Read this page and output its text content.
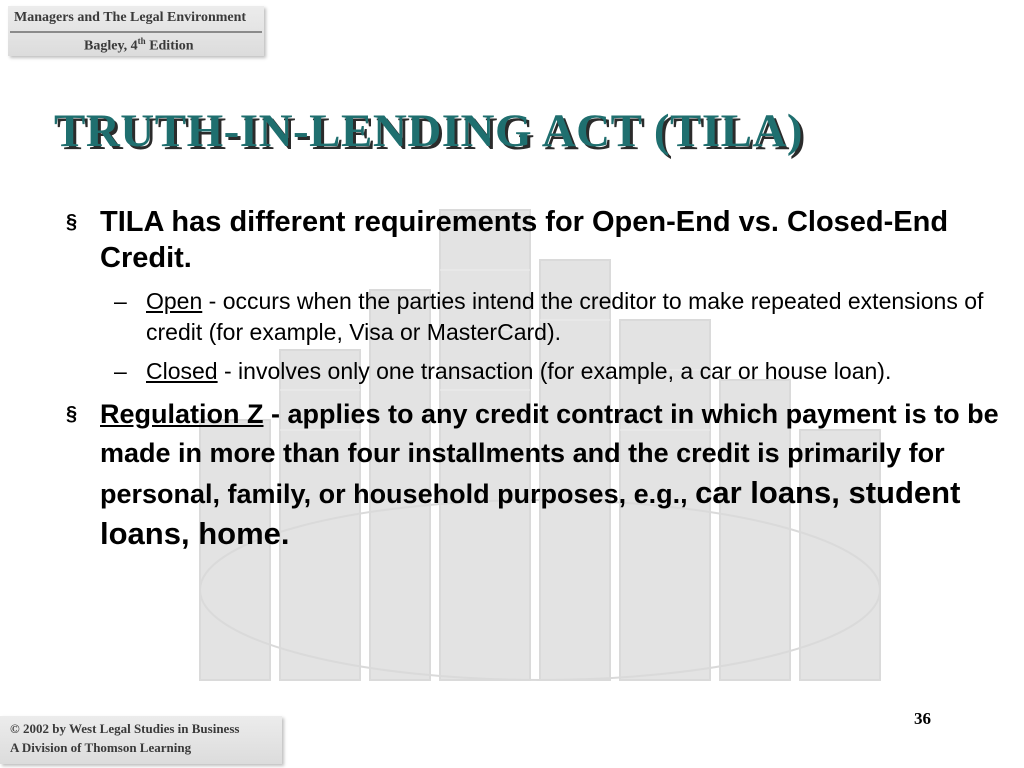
Managers and The Legal Environment
Bagley, 4th Edition
TRUTH-IN-LENDING ACT (TILA)
§ TILA has different requirements for Open-End vs. Closed-End Credit.
– Open - occurs when the parties intend the creditor to make repeated extensions of credit (for example, Visa or MasterCard).
– Closed - involves only one transaction (for example, a car or house loan).
§ Regulation Z - applies to any credit contract in which payment is to be made in more than four installments and the credit is primarily for personal, family, or household purposes, e.g., car loans, student loans, home.
36
© 2002 by West Legal Studies in Business
A Division of Thomson Learning
